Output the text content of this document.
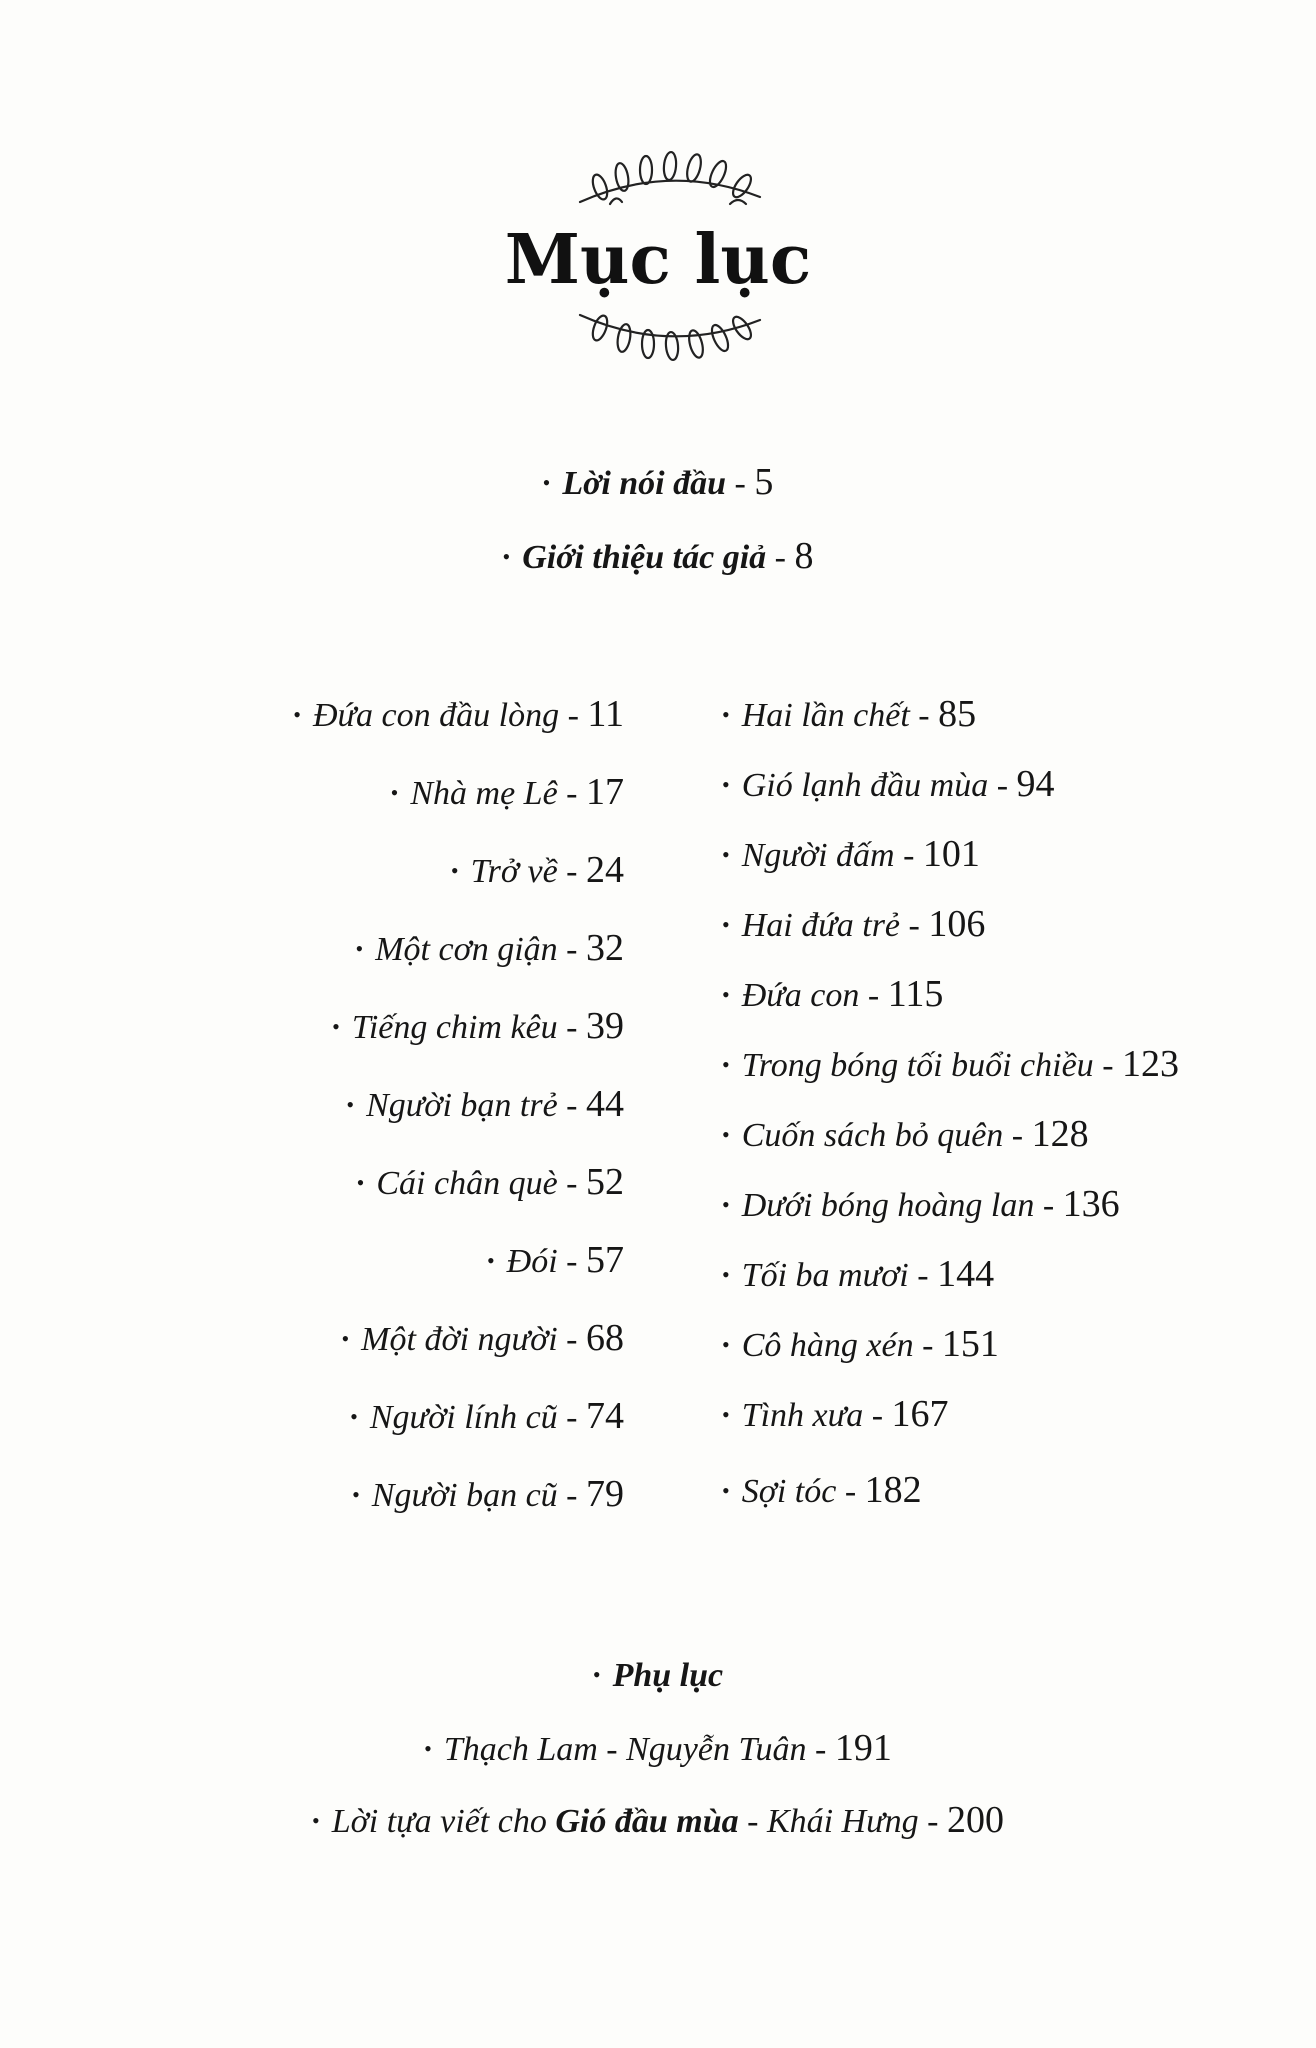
Mục lục
• Lời nói đầu - 5
• Giới thiệu tác giả - 8
• Đứa con đầu lòng - 11
• Nhà mẹ Lê - 17
• Trở về - 24
• Một cơn giận - 32
• Tiếng chim kêu - 39
• Người bạn trẻ - 44
• Cái chân què - 52
• Đói - 57
• Một đời người - 68
• Người lính cũ - 74
• Người bạn cũ - 79
• Hai lần chết - 85
• Gió lạnh đầu mùa - 94
• Người đấm - 101
• Hai đứa trẻ - 106
• Đứa con - 115
• Trong bóng tối buổi chiều - 123
• Cuốn sách bỏ quên - 128
• Dưới bóng hoàng lan - 136
• Tối ba mươi - 144
• Cô hàng xén - 151
• Tình xưa - 167
• Sợi tóc - 182
• Phụ lục
• Thạch Lam - Nguyễn Tuân - 191
• Lời tựa viết cho Gió đầu mùa - Khái Hưng - 200
